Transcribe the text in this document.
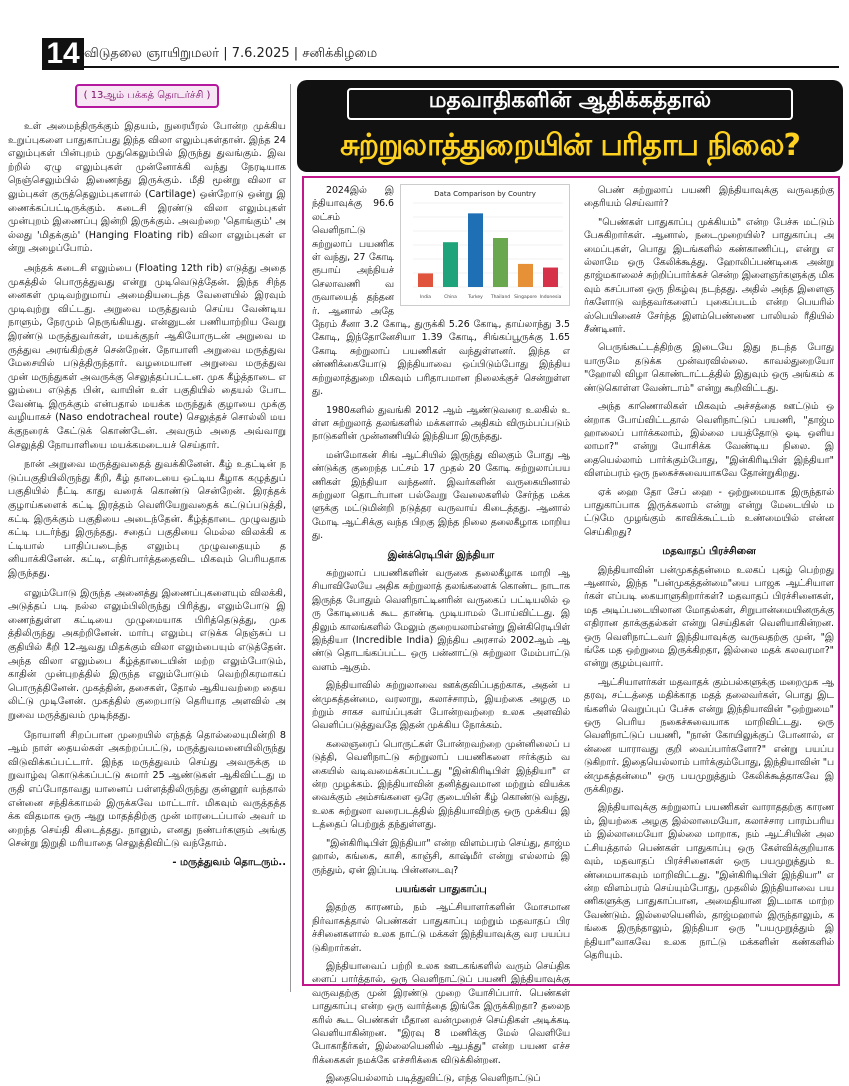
14 விடுதலை ஞாயிறுமலர் | 7.6.2025 | சனிக்கிழமை
( 13ஆம் பக்கத் தொடர்ச்சி )

உள் அமைந்திருக்கும் இதயம், நுரையீரல் போன்ற முக்கிய உறுப்புகளை பாதுகாப்பது இந்த விலா எலும்புகள்தான். இந்த 24 எலும்புகள் பின்புறம் முதுகெலும்பில் இருந்து துவங்கும். இவற்றில் ஏழு எலும்புகள் முன்னோக்கி வந்து நேரடியாக நெஞ்செலும்பில் இணைந்து இருக்கும். மீதி மூன்று விலா எலும்புகள் குருத்தெலும்புகளால் (Cartilage) ஒன்றோடு ஒன்று இணைக்கப்பட்டிருக்கும். கடைசி இரண்டு விலா எலும்புகள் முன்புறம் இணைப்பு இன்றி இருக்கும். அவற்றை 'தொங்கும்' அல்லது 'மிதக்கும்' (Hanging Floating rib) விலா எலும்புகள் என்று அழைப்போம்.

அந்தக் கடைசி எலும்பை (Floating 12th rib) எடுத்து அதை முகத்தில் பொருத்துவது என்று முடிவெடுத்தேன். இந்த சிந்தனைகள் முடிவற்றுமாய் அமைதியடைந்த வேளையில் இரவும் முடிவுற்று விட்டது. அறுவை மருத்துவம் செய்ய வேண்டிய நாளும், நேரமும் நெருங்கியது. என்னுடன் பணியாற்றிய வேறு இரண்டு மருத்துவர்கள், மயக்குநர் ஆகியோருடன் அறுவை மருத்துவ அரங்கிற்குச் சென்றேன். நோயாளி அறுவை மருத்துவ மேசையில் படுத்திருந்தார். வழமையான அறுவை மருத்துவ முன் மருந்துகள் அவருக்கு செலுத்தப்பட்டன. முக கீழ்த்தாடை எலும்பை எடுத்த பின், வாயின் உள் பகுதியில் தையல் போட வேண்டி இருக்கும் என்பதால் மயக்க மருந்துக் குழாயை முக்கு வழியாகச் (Naso endotracheal route) செலுத்தச் சொல்லி மயக்குநரைக் கேட்டுக் கொண்டேன். அவரும் அதை அவ்வாறு செலுத்தி நோயாளியை மயக்கமடையச் செய்தார்.

நான் அறுவை மருத்துவதைத் துவக்கினேன். கீழ் உதட்டின் நடுப்பகுதியிலிருந்து கீறி, கீழ் தாடையை ஒட்டிய கீழாக கழுத்துப் பகுதியில் நீட்டி காது வரைக் கொண்டு சென்றேன். இரத்தக் குழாய்களைக் கட்டி இரத்தம் வெளியேறுவதைக் கட்டுப்படுத்தி, கட்டி இருக்கும் பகுதியை அடைந்தேன். கீழ்த்தாடை முழுவதும் கட்டி படர்ந்து இருந்தது. சதைப் பகுதியை மெல்ல விலக்கி கட்டியால் பாதிப்படைந்த எலும்பு முழுவதையும் தனியாக்கினேன். கட்டி, எதிர்பார்த்ததைவிட மிகவும் பெரியதாக இருந்தது.

எலும்போடு இருந்த அனைத்து இணைப்புகளையும் விலக்கி, அடுத்தப் படி நல்ல எலும்பிலிருந்து பிரித்து, எலும்போடு இணைந்துள்ள கட்டியை முழுமையாக பிரித்தெடுத்து, முகத்திலிருந்து அகற்றினேன். மார்பு எலும்பு எடுக்க நெஞ்சுப் பகுதியில் கீறி 12ஆவது மிதக்கும் விலா எலும்பையும் எடுத்தேன். அந்த விலா எலும்பை கீழ்த்தாடையின் மற்ற எலும்போடும், காதின் முன்புறத்தில் இருந்த எலும்போடும் வெற்றிகரமாகப் பொருத்தினேன். முகத்தின், தசைகள், தோல் ஆகியவற்றை தையலிட்டு முடினேன். முகத்தில் குறைபாடு தெரியாத அளவில் அறுவை மருத்துவம் முடிந்தது.

நோயாளி சிறப்பான முறையில் எந்தத் தொல்லையுமின்றி 8ஆம் நாள் தையல்கள் அகற்றப்பட்டு, மருத்துவமனையிலிருந்து விடுவிக்கப்பட்டார். இந்த மருத்துவம் செய்து அவருக்கு மறுவாழ்வு கொடுக்கப்பட்டு சுமார் 25 ஆண்டுகள் ஆகிவிட்டது மருதி எப்போதாவது யானைப் பள்ளத்திலிருந்து குன்னூர் வந்தால் என்னை சந்திக்காமல் இருக்கவே மாட்டார். மிகவும் வருத்தத்தக்க விதமாக ஒரு ஆறு மாதத்திற்கு முன் மாரடைப்பால் அவர் மறைந்த செய்தி கிடைத்தது. நானும், எனது நண்பர்களும் அங்கு சென்று இறுதி மரியாதை செலுத்திவிட்டு வந்தோம்.

- மருத்துவம் தொடரும்..
மதவாதிகளின் ஆதிக்கத்தால்
சுற்றுலாத்துறையின் பரிதாப நிலை?
Data Comparison by Country
India	China Turkey Thailand Singapore Indonesia

2024இல் இந்தியாவுக்கு 96.6 லட்சம் வெளிநாட்டு சுற்றுலாப் பயணிகள் வந்து, 27 கோடி ரூபாய் அந்நியச் செலாவணி வருவாயைத் தந்தனர். ஆனால் அதே நேரம் சீனா 3.2 கோடி, துருக்கி 5.26 கோடி, தாய்லாந்து 3.5 கோடி, இந்தோனேசியா 1.39 கோடி, சிங்கப்பூருக்கு 1.65 கோடி சுற்றுலாப் பயணிகள் வந்துள்ளனர். இந்த எண்ணிக்கையோடு இந்தியாவை ஒப்பிடும்போது இந்திய சுற்றுலாத்துறை மிகவும் பரிதாபமான நிலைக்குச் சென்றுள்ளது.

1980களில் துவங்கி 2012 ஆம் ஆண்டுவரை உலகில் உள்ள சுற்றுலாத் தலங்களில் மக்களால் அதிகம் விரும்பப்படும் நாடுகளின் முன்னணியில் இந்தியா இருந்தது.

மன்மோகன் சிங் ஆட்சியில் இருந்து விலகும் போது ஆண்டுக்கு குறைந்த பட்சம் 17 முதல் 20 கோடி சுற்றுலாப்பயணிகள் இந்தியா வந்தனர். இவர்களின் வருகையினால் சுற்றுலா தொடர்பான பல்வேறு வேலைகளில் சேர்ந்த மக்களுக்கு மட்டுமின்றி நடுத்தர வருவாய் கிடைத்தது. ஆனால் மோடி ஆட்சிக்கு வந்த பிறகு இந்த நிலை தலைகீழாக மாறியது.

இன்க்ரெடிபிள் இந்தியா

சுற்றுலாப் பயணிகளின் வருகை தலைகீழாக மாறி ஆசியாவிலேயே அதிக சுற்றுலாத் தலங்களைக் கொண்ட நாடாக இருந்த போதும் வெளிநாட்டினரின் வருகைப் பட்டியலில் ஒரு கோடியைக் கூட தாண்டி முடியாமல் போய்விட்டது. இதிலும் காலங்களில் மேலும் குறையலாம்என்று இன்கிரெடிபிள் இந்தியா (Incredible India) இந்திய அரசால் 2002ஆம் ஆண்டு தொடங்கப்பட்ட ஒரு பன்னாட்டு சுற்றுலா மேம்பாட்டு வளம் ஆகும்.

இந்தியாவில் சுற்றுலாவை ஊக்குவிப்பதற்காக, அதன் பன்முகத்தன்மை, வரலாறு, கலாச்சாரம், இயற்கை அழகு மற்றும் சாகச வாய்ப்புகள் போன்றவற்றை உலக அளவில் வெளிப்படுத்துவதே இதன் முக்கிய நோக்கம்.

கலைஞரைப் பொருட்கள் போன்றவற்றை முன்னிலைப் படுத்தி, வெளிநாட்டு சுற்றுலாப் பயணிகளை ஈர்க்கும் வகையில் வடிவமைக்கப்பட்டது "இன்கிரிடிபிள் இந்தியா" என்ற முழக்கம். இந்தியாவின் தனித்துவமான மற்றும் வியக்க வைக்கும் அம்சங்களை ஒரே குடையின் கீழ் கொண்டு வந்து, உலக சுற்றுலா வரைபடத்தில் இந்தியாவிற்கு ஒரு முக்கிய இடத்தைப் பெற்றுத் தந்துள்ளது.

"இன்கிரிடிபிள் இந்தியா" என்ற விளம்பரம் செய்து, தாஜ்மஹால், கங்கை, காசி, காஞ்சி, காஷ்மீர் என்று எல்லாம் இருந்தும், ஏன் இப்படி பின்னடைவு?

பயங்கள் பாதுகாப்பு

இதற்கு காரணம், நம் ஆட்சியாளர்களின் மோசமான நிர்வாகத்தால் பெண்கள் பாதுகாப்பு மற்றும் மதவாதப் பிரச்சினைகளால் உலக நாட்டு மக்கள் இந்தியாவுக்கு வர பயப்படுகிறார்கள்.

இந்தியாவைப் பற்றி உலக ஊடகங்களில் வரும் செய்திகளைப் பார்த்தால், ஒரு வெளிநாட்டுப் பயணி இந்தியாவுக்கு வருவதற்கு முன் இரண்டு முறை யோசிப்பார். பெண்கள் பாதுகாப்பு என்ற ஒரு வார்த்தை இங்கே இருக்கிறதா? தலைநகரில் கூட பெண்கள் மீதான வன்முறைச் செய்திகள் அடிக்கடி வெளியாகின்றன. "இரவு 8 மணிக்கு மேல் வெளியே போகாதீர்கள், இல்லையெனில் ஆபத்து" என்ற பயண எச்சரிக்கைகள் நமக்கே எச்சரிக்கை விடுக்கின்றன.

இதையெல்லாம் படித்துவிட்டு, எந்த வெளிநாட்டுப்

பெண் சுற்றுலாப் பயணி இந்தியாவுக்கு வருவதற்கு தைரியம் செய்வார்?

"பெண்கள் பாதுகாப்பு முக்கியம்" என்ற பேச்சு மட்டும் பேசுகிறார்கள். ஆனால், நடைமுறையில்? பாதுகாப்பு அமைப்புகள், பொது இடங்களில் கண்காணிப்பு, என்று எல்லாமே ஒரு கேலிக்கூத்து. ஹோலிப்பண்டிகை அன்று தாஜ்மகாலைச் சுற்றிப்பார்க்கச் சென்ற இளைஞர்களுக்கு மிகவும் கசப்பான ஒரு நிகழ்வு நடந்தது. அதில் அந்த இளைஞர்களோடு வந்தவர்களைப் புகைப்படம் என்ற பெயரில் ஸ்பெயினைச் சேர்ந்த இளம்பெண்ணை பாலியல் ரீதியில் சீண்டினர்.

பெருங்கூட்டத்திற்கு இடையே இது நடந்த போது யாருமே தடுக்க முன்வரவில்லை. காவல்துறையோ "ஹோலி விழா கொண்டாட்டத்தில் இதுவும் ஒரு அங்கம் கண்டுகொள்ள வேண்டாம்" என்று கூறிவிட்டது.

அந்த காணொலிகள் மிகவும் அச்சத்தை ஊட்டும் ஒன்றாக போய்விட்டதால் வெளிநாட்டுப் பயணி, "தாஜ்மஹாலைப் பார்க்கலாம், இல்லை பயத்தோடு ஓடி ஒளியலாமா?" என்று யோசிக்க வேண்டிய நிலை. இதையெல்லாம் பார்க்கும்போது, "இன்கிரிடிபிள் இந்தியா" விளம்பரம் ஒரு நகைச்சுவையாகவே தோன்றுகிறது.

ஏக் ஹை தோ சேப் ஹை - ஒற்றுமையாக இருந்தால் பாதுகாப்பாக இருக்கலாம் என்று என்று மேடையில் மட்டுமே முழங்கும் காவிக்கூட்டம் உண்மையில் என்ன செய்கிறது?

மதவாதப் பிரச்சினை

இந்தியாவின் பன்முகத்தன்மை உலகப் புகழ் பெற்றது ஆனால், இந்த "பன்முகத்தன்மை"யை பாஜக ஆட்சியாளர்கள் எப்படி கையாளுகிறார்கள்? மதவாதப் பிரச்சினைகள், மத அடிப்படையிலான மோதல்கள், சிறுபான்மையினருக்கு எதிரான தாக்குதல்கள் என்று செய்திகள் வெளியாகின்றன. ஒரு வெளிநாட்டவர் இந்தியாவுக்கு வருவதற்கு முன், "இங்கே மத ஒற்றுமை இருக்கிறதா, இல்லை மதக் கலவரமா?" என்று குழம்புவார்.

ஆட்சியாளர்கள் மதவாதக் கும்பல்களுக்கு மறைமுக ஆதரவு, சட்டத்தை மதிக்காத மதத் தலைவர்கள், பொது இடங்களில் வெறுப்புப் பேச்சு என்று இந்தியாவின் "ஒற்றுமை" ஒரு பெரிய நகைச்சுவையாக மாறிவிட்டது. ஒரு வெளிநாட்டுப் பயணி, "நான் கோயிலுக்குப் போனால், என்னை யாராவது குறி வைப்பார்களோ?" என்று பயப்படுகிறார். இதையெல்லாம் பார்க்கும்போது, இந்தியாவின் "பன்முகத்தன்மை" ஒரு பயமுறுத்தும் கேலிக்கூத்தாகவே இருக்கிறது.

இந்தியாவுக்கு சுற்றுலாப் பயணிகள் வாராததற்கு காரணம், இயற்கை அழகு இல்லாமையோ, கலாச்சார பாரம்பரியம் இல்லாமையோ இல்லை மாறாக, நம் ஆட்சியின் அலட்சியத்தால் பெண்கள் பாதுகாப்பு ஒரு கேள்விக்குறியாகவும், மதவாதப் பிரச்சினைகள் ஒரு பயமுறுத்தும் உண்மையாகவும் மாறிவிட்டது. "இன்கிரிடிபிள் இந்தியா" என்ற விளம்பரம் செய்யும்போது, முதலில் இந்தியாவை பயணிகளுக்கு பாதுகாப்பான, அமைதியான இடமாக மாற்ற வேண்டும். இல்லையெனில், தாஜ்மஹால் இருந்தாலும், கங்கை இருந்தாலும், இந்தியா ஒரு "பயமுறுத்தும் இந்தியா"வாகவே உலக நாட்டு மக்களின் கண்களில் தெரியும்.
